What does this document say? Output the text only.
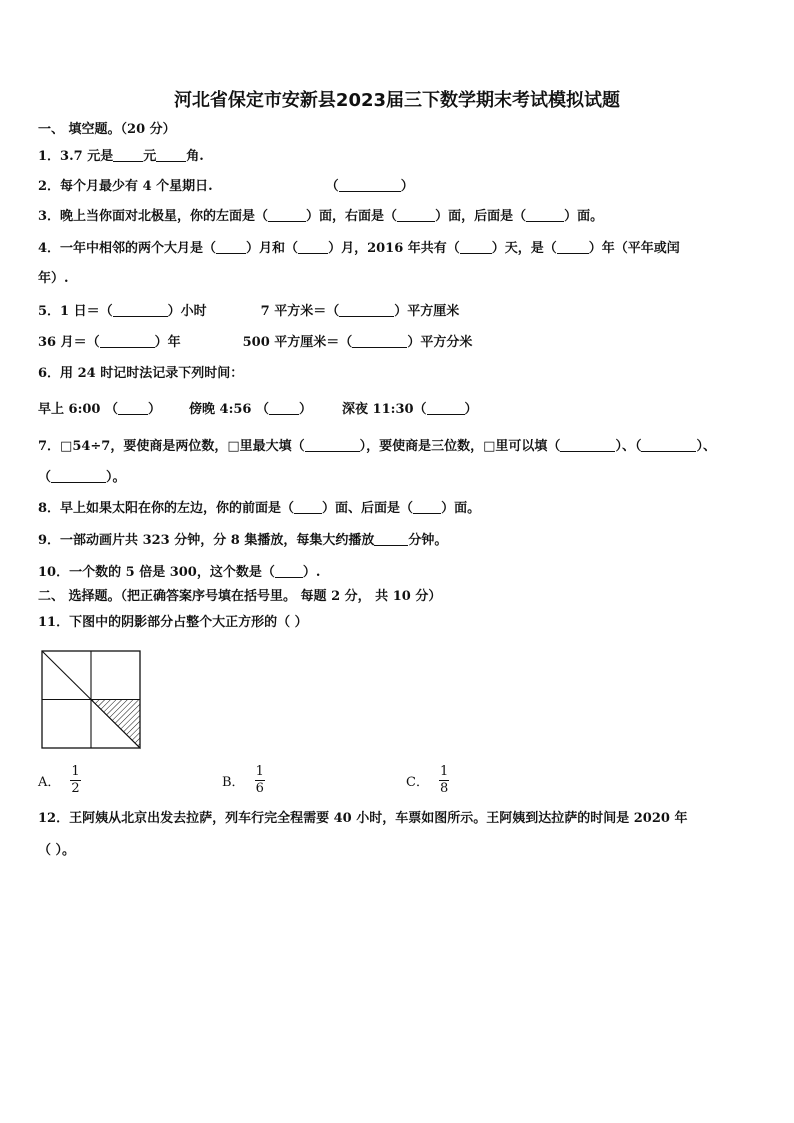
河北省保定市安新县2023届三下数学期末考试模拟试题
一、 填空题。（20 分）
1．3.7 元是 元 角.
2．每个月最少有 4 个星期日.	（	）
3．晚上当你面对北极星，你的左面是（	）面，右面是（	）面，后面是（	）面。
4．一年中相邻的两个大月是（ ）月和（ ）月，2016 年共有（ ）天，是（ ）年（平年或闰
年）.
5．1 日＝（	）小时	7 平方米＝（	）平方厘米
36 月＝（	）年	500 平方厘米＝（	）平方分米
6．用 24 时记时法记录下列时间：
早上 6:00 （ ） 傍晚 4:56 （ ） 深夜 11:30（	）
7．□54÷7，要使商是两位数，□里最大填（	），要使商是三位数，□里可以填（	）、（	）、
（	）。
8．早上如果太阳在你的左边，你的前面是（ ）面、后面是（ ）面。
9．一部动画片共 323 分钟，分 8 集播放，每集大约播放	分钟。
10．一个数的 5 倍是 300，这个数是（ ）.
二、 选择题。（把正确答案序号填在括号里。 每题 2 分， 共 10 分）
11．下图中的阴影部分占整个大正方形的（ ）
A． $\frac{1}{2}$	B． $\frac{1}{6}$	C． $\frac{1}{8}$
12．王阿姨从北京出发去拉萨，列车行完全程需要 40 小时，车票如图所示。王阿姨到达拉萨的时间是 2020 年
（ ）。
